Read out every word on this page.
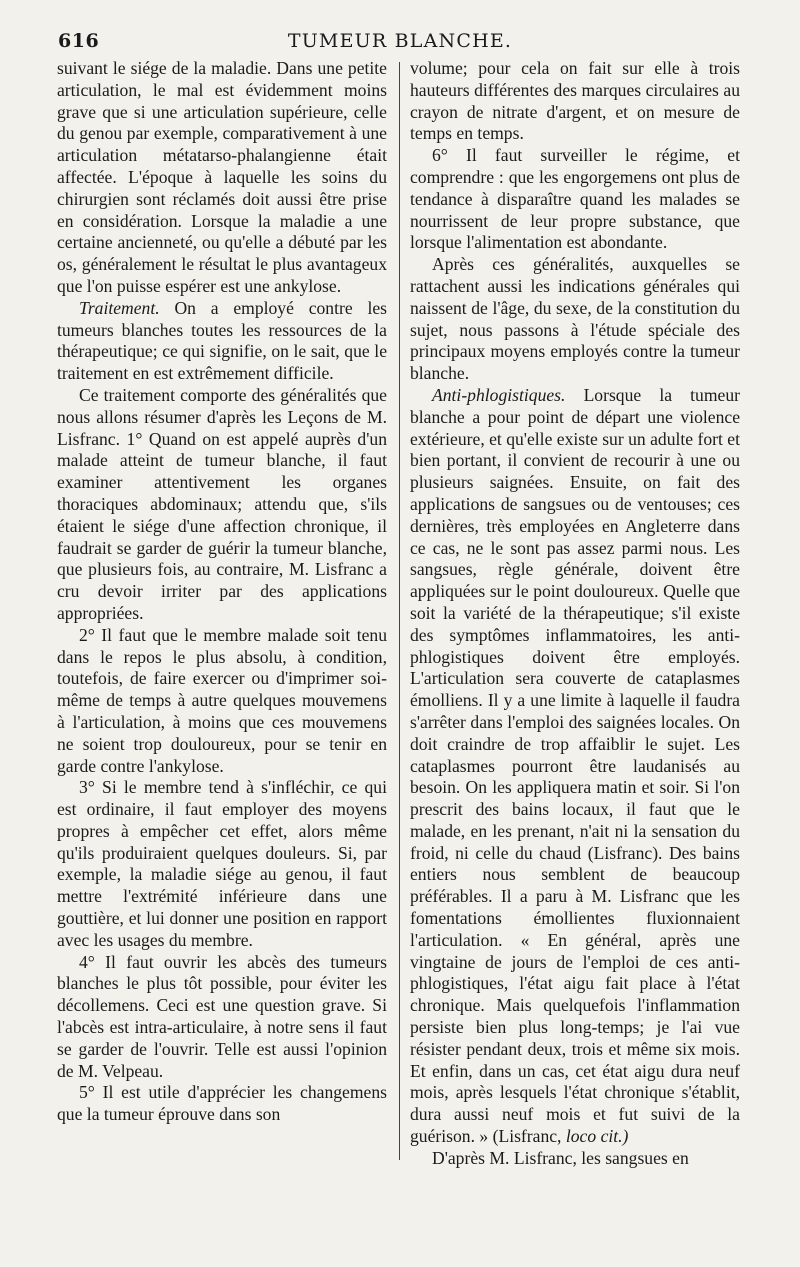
616	TUMEUR BLANCHE.

suivant le siége de la maladie. Dans une petite articulation, le mal est évidemment moins grave que si une articulation supérieure, celle du genou par exemple, comparativement à une articulation métatarso-phalangienne était affectée. L'époque à laquelle les soins du chirurgien sont réclamés doit aussi être prise en considération. Lorsque la maladie a une certaine ancienneté, ou qu'elle a débuté par les os, généralement le résultat le plus avantageux que l'on puisse espérer est une ankylose.

Traitement. On a employé contre les tumeurs blanches toutes les ressources de la thérapeutique; ce qui signifie, on le sait, que le traitement en est extrêmement difficile.

Ce traitement comporte des généralités que nous allons résumer d'après les Leçons de M. Lisfranc. 1° Quand on est appelé auprès d'un malade atteint de tumeur blanche, il faut examiner attentivement les organes thoraciques abdominaux; attendu que, s'ils étaient le siége d'une affection chronique, il faudrait se garder de guérir la tumeur blanche, que plusieurs fois, au contraire, M. Lisfranc a cru devoir irriter par des applications appropriées.

2° Il faut que le membre malade soit tenu dans le repos le plus absolu, à condition, toutefois, de faire exercer ou d'imprimer soi-même de temps à autre quelques mouvemens à l'articulation, à moins que ces mouvemens ne soient trop douloureux, pour se tenir en garde contre l'ankylose.

3° Si le membre tend à s'infléchir, ce qui est ordinaire, il faut employer des moyens propres à empêcher cet effet, alors même qu'ils produiraient quelques douleurs. Si, par exemple, la maladie siége au genou, il faut mettre l'extrémité inférieure dans une gouttière, et lui donner une position en rapport avec les usages du membre.

4° Il faut ouvrir les abcès des tumeurs blanches le plus tôt possible, pour éviter les décollemens. Ceci est une question grave. Si l'abcès est intra-articulaire, à notre sens il faut se garder de l'ouvrir. Telle est aussi l'opinion de M. Velpeau.

5° Il est utile d'apprécier les changemens que la tumeur éprouve dans son

volume; pour cela on fait sur elle à trois hauteurs différentes des marques circulaires au crayon de nitrate d'argent, et on mesure de temps en temps.

6° Il faut surveiller le régime, et comprendre : que les engorgemens ont plus de tendance à disparaître quand les malades se nourrissent de leur propre substance, que lorsque l'alimentation est abondante.

Après ces généralités, auxquelles se rattachent aussi les indications générales qui naissent de l'âge, du sexe, de la constitution du sujet, nous passons à l'étude spéciale des principaux moyens employés contre la tumeur blanche.

Anti-phlogistiques. Lorsque la tumeur blanche a pour point de départ une violence extérieure, et qu'elle existe sur un adulte fort et bien portant, il convient de recourir à une ou plusieurs saignées. Ensuite, on fait des applications de sangsues ou de ventouses; ces dernières, très employées en Angleterre dans ce cas, ne le sont pas assez parmi nous. Les sangsues, règle générale, doivent être appliquées sur le point douloureux. Quelle que soit la variété de la thérapeutique; s'il existe des symptômes inflammatoires, les anti-phlogistiques doivent être employés. L'articulation sera couverte de cataplasmes émolliens. Il y a une limite à laquelle il faudra s'arrêter dans l'emploi des saignées locales. On doit craindre de trop affaiblir le sujet. Les cataplasmes pourront être laudanisés au besoin. On les appliquera matin et soir. Si l'on prescrit des bains locaux, il faut que le malade, en les prenant, n'ait ni la sensation du froid, ni celle du chaud (Lisfranc). Des bains entiers nous semblent de beaucoup préférables. Il a paru à M. Lisfranc que les fomentations émollientes fluxionnaient l'articulation. « En général, après une vingtaine de jours de l'emploi de ces anti-phlogistiques, l'état aigu fait place à l'état chronique. Mais quelquefois l'inflammation persiste bien plus long-temps; je l'ai vue résister pendant deux, trois et même six mois. Et enfin, dans un cas, cet état aigu dura neuf mois, après lesquels l'état chronique s'établit, dura aussi neuf mois et fut suivi de la guérison. » (Lisfranc, loco cit.)

D'après M. Lisfranc, les sangsues en
